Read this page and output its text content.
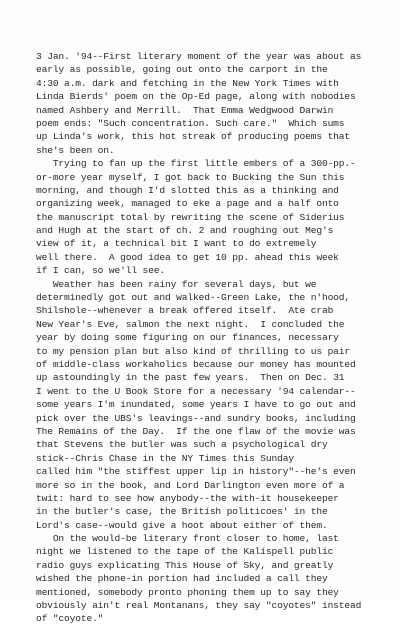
3 Jan. '94--First literary moment of the year was about as
early as possible, going out onto the carport in the
4:30 a.m. dark and fetching in the New York Times with
Linda Bierds' poem on the Op-Ed page, along with nobodies
named Ashbery and Merrill.  That Emma Wedgwood Darwin
poem ends: "Such concentration. Such care."  Which sums
up Linda's work, this hot streak of producing poems that
she's been on.
Trying to fan up the first little embers of a 300-pp.-
or-more year myself, I got back to Bucking the Sun this
morning, and though I'd slotted this as a thinking and
organizing week, managed to eke a page and a half onto
the manuscript total by rewriting the scene of Siderius
and Hugh at the start of ch. 2 and roughing out Meg's
view of it, a technical bit I want to do extremely
well there.  A good idea to get 10 pp. ahead this week
if I can, so we'll see.
Weather has been rainy for several days, but we
determinedly got out and walked--Green Lake, the n'hood,
Shilshole--whenever a break offered itself.  Ate crab
New Year's Eve, salmon the next night.  I concluded the
year by doing some figuring on our finances, necessary
to my pension plan but also kind of thrilling to us pair
of middle-class workaholics because our money has mounted
up astoundingly in the past few years.  Then on Dec. 31
I went to the U Book Store for a necessary '94 calendar--
some years I'm inundated, some years I have to go out and
pick over the UBS's leavings--and sundry books, including
The Remains of the Day.  If the one flaw of the movie was
that Stevens the butler was such a psychological dry
stick--Chris Chase in the NY Times this Sunday
called him "the stiffest upper lip in history"--he's even
more so in the book, and Lord Darlington even more of a
twit: hard to see how anybody--the with-it housekeeper
in the butler's case, the British politicoes' in the
Lord's case--would give a hoot about either of them.
On the would-be literary front closer to home, last
night we listened to the tape of the Kalispell public
radio guys explicating This House of Sky, and greatly
wished the phone-in portion had included a call they
mentioned, somebody pronto phoning them up to say they
obviously ain't real Montanans, they say "coyotes" instead
of "coyote."
